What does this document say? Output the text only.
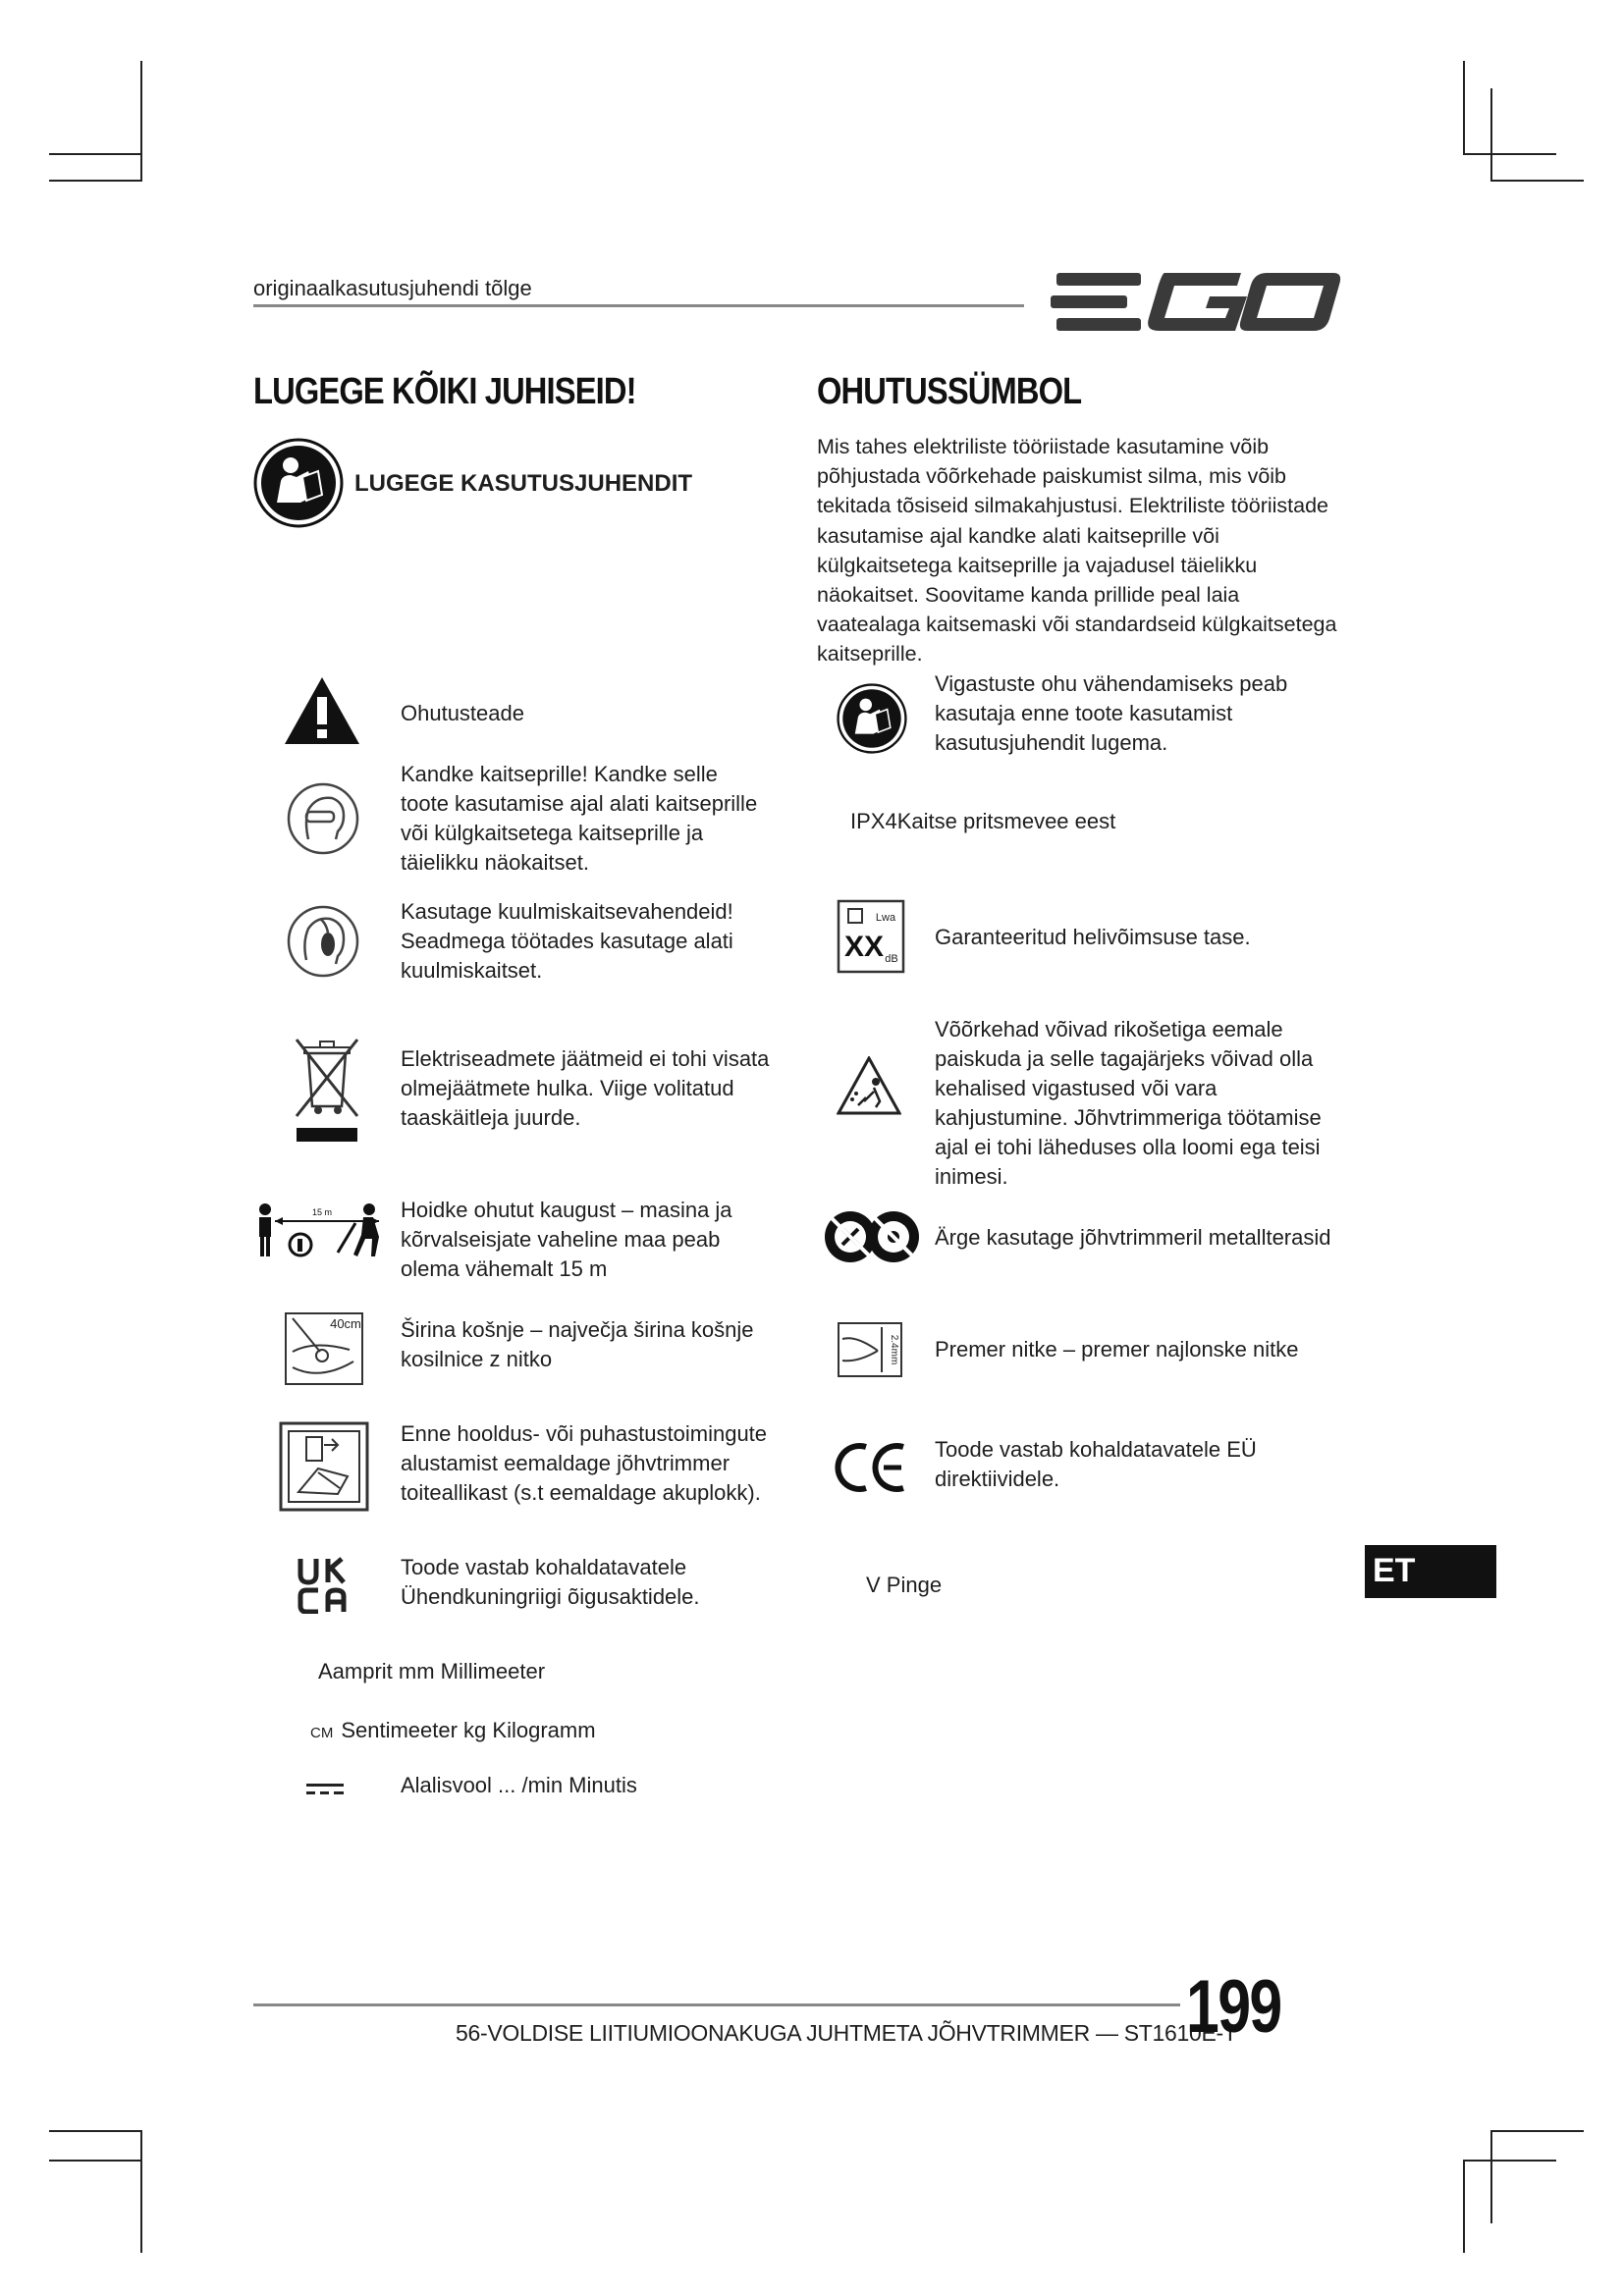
originaalkasutusjuhendi tõlge
LUGEGE KÕIKI JUHISEID!	OHUTUSSÜMBOL
LUGEGE KASUTUSJUHENDIT
Mis tahes elektriliste tööriistade kasutamine võib põhjustada võõrkehade paiskumist silma, mis võib tekitada tõsiseid silmakahjustusi. Elektriliste tööriistade kasutamise ajal kandke alati kaitseprille või külgkaitsetega kaitseprille ja vajadusel täielikku näokaitset. Soovitame kanda prillide peal laia vaatealaga kaitsemaski või standardseid külgkaitsetega kaitseprille.
Ohutusteade
Kandke kaitseprille! Kandke selle toote kasutamise ajal alati kaitseprille või külgkaitsetega kaitseprille ja täielikku näokaitset.
Kasutage kuulmiskaitsevahendeid! Seadmega töötades kasutage alati kuulmiskaitset.
Elektriseadmete jäätmeid ei tohi visata olmejäätmete hulka. Viige volitatud taaskäitleja juurde.
15 m	Hoidke ohutut kaugust – masina ja kõrvalseisjate vaheline maa peab olema vähemalt 15 m
40cm Širina košnje – največja širina košnje kosilnice z nitko
Enne hooldus- või puhastustoimingute alustamist eemaldage jõhvtrimmer toiteallikast (s.t eemaldage akuplokk).
Toode vastab kohaldatavatele Ühendkuningriigi õigusaktidele.
Vigastuste ohu vähendamiseks peab kasutaja enne toote kasutamist kasutusjuhendit lugema.
IPX4Kaitse pritsmevee eest
Lwa
XX dB
Garanteeritud helivõimsuse tase.
Võõrkehad võivad rikošetiga eemale paiskuda ja selle tagajärjeks võivad olla kehalised vigastused või vara kahjustumine. Jõhvtrimmeriga töötamise ajal ei tohi läheduses olla loomi ega teisi inimesi.
Ärge kasutage jõhvtrimmeril metallterasid
2.4mm Premer nitke – premer najlonske nitke
Toode vastab kohaldatavatele EÜ direktiividele.
V Pinge
Aamprit mm Millimeeter
CM Sentimeeter kg Kilogramm
Alalisvool ... /min Minutis
ET
56-VOLDISE LIITIUMIOONAKUGA JUHTMETA JÕHVTRIMMER — ST1610E-T
199
